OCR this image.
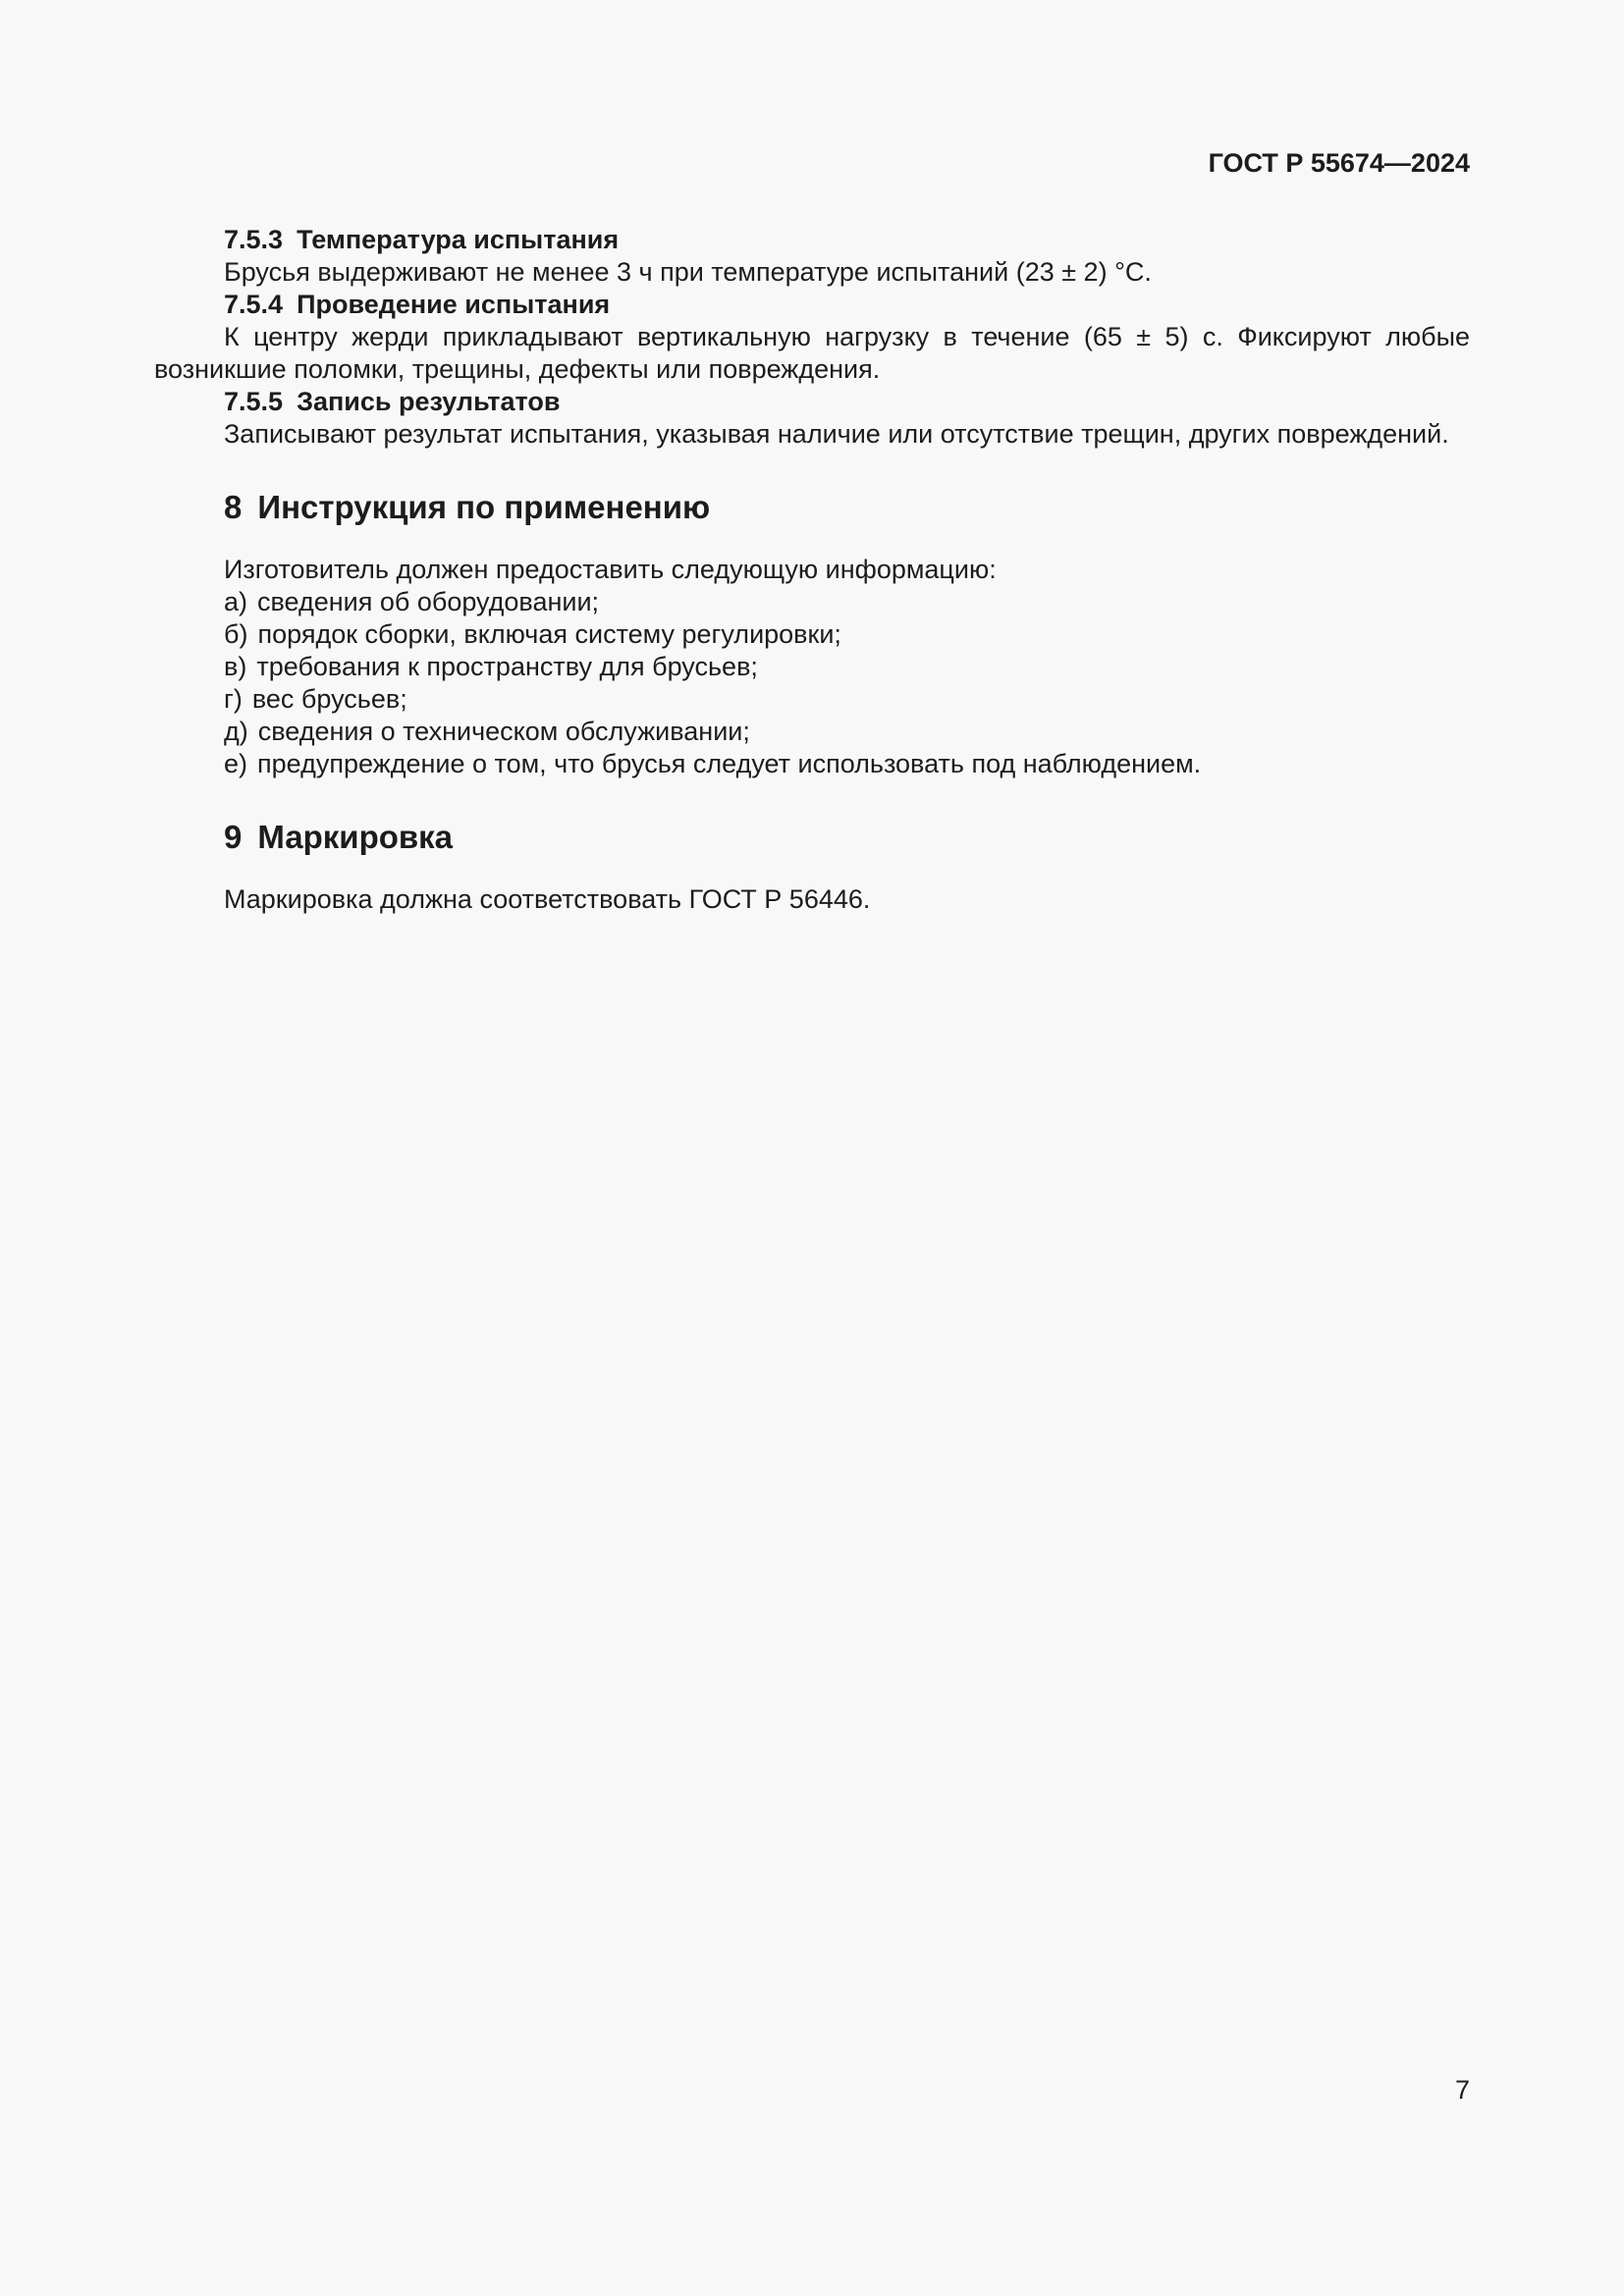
ГОСТ Р 55674—2024
7.5.3 Температура испытания
Брусья выдерживают не менее 3 ч при температуре испытаний (23 ± 2) °С.
7.5.4 Проведение испытания
К центру жерди прикладывают вертикальную нагрузку в течение (65 ± 5) с. Фиксируют любые возникшие поломки, трещины, дефекты или повреждения.
7.5.5 Запись результатов
Записывают результат испытания, указывая наличие или отсутствие трещин, других повреждений.
8 Инструкция по применению
Изготовитель должен предоставить следующую информацию:
а) сведения об оборудовании;
б) порядок сборки, включая систему регулировки;
в) требования к пространству для брусьев;
г) вес брусьев;
д) сведения о техническом обслуживании;
е) предупреждение о том, что брусья следует использовать под наблюдением.
9 Маркировка
Маркировка должна соответствовать ГОСТ Р 56446.
7
